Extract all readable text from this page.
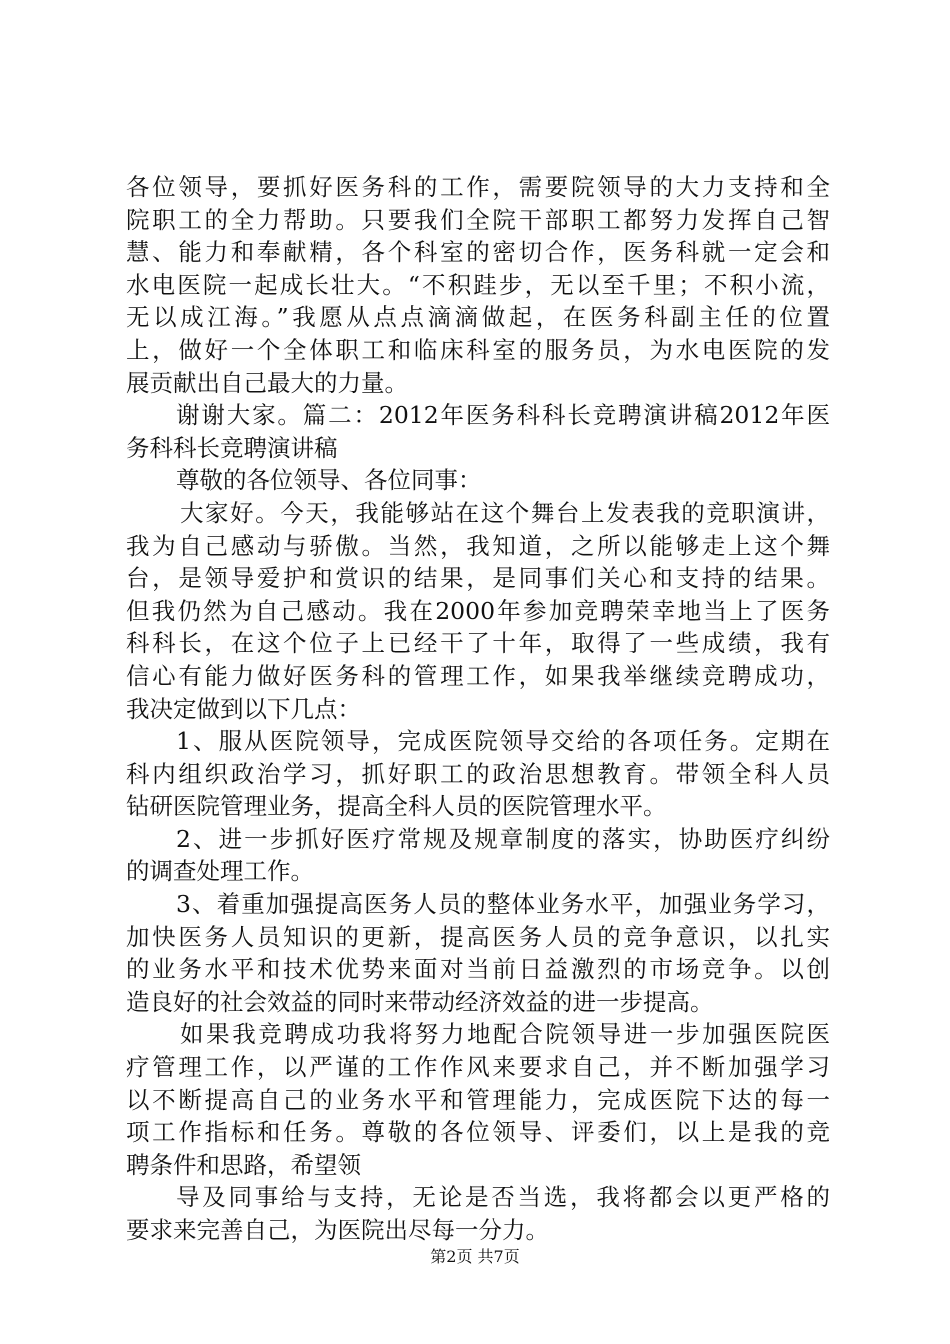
各位领导，要抓好医务科的工作，需要院领导的大力支持和全
院职工的全力帮助。只要我们全院干部职工都努力发挥自己智
慧、能力和奉献精，各个科室的密切合作，医务科就一定会和
水电医院一起成长壮大。“不积跬步，无以至千里；不积小流，
无以成江海。”我愿从点点滴滴做起，在医务科副主任的位置
上，做好一个全体职工和临床科室的服务员，为水电医院的发
展贡献出自己最大的力量。
谢谢大家。篇二：2012年医务科科长竞聘演讲稿2012年医
务科科长竞聘演讲稿
尊敬的各位领导、各位同事：
大家好。今天，我能够站在这个舞台上发表我的竞职演讲，
我为自己感动与骄傲。当然，我知道，之所以能够走上这个舞
台，是领导爱护和赏识的结果，是同事们关心和支持的结果。
但我仍然为自己感动。我在2000年参加竞聘荣幸地当上了医务
科科长，在这个位子上已经干了十年，取得了一些成绩，我有
信心有能力做好医务科的管理工作，如果我举继续竞聘成功，
我决定做到以下几点：
1、服从医院领导，完成医院领导交给的各项任务。定期在
科内组织政治学习，抓好职工的政治思想教育。带领全科人员
钻研医院管理业务，提高全科人员的医院管理水平。
2、进一步抓好医疗常规及规章制度的落实，协助医疗纠纷
的调查处理工作。
3、着重加强提高医务人员的整体业务水平，加强业务学习，
加快医务人员知识的更新，提高医务人员的竞争意识，以扎实
的业务水平和技术优势来面对当前日益激烈的市场竞争。以创
造良好的社会效益的同时来带动经济效益的进一步提高。
如果我竞聘成功我将努力地配合院领导进一步加强医院医
疗管理工作，以严谨的工作作风来要求自己，并不断加强学习
以不断提高自己的业务水平和管理能力，完成医院下达的每一
项工作指标和任务。尊敬的各位领导、评委们，以上是我的竞
聘条件和思路，希望领
导及同事给与支持，无论是否当选，我将都会以更严格的
要求来完善自己，为医院出尽每一分力。
第2页 共7页
